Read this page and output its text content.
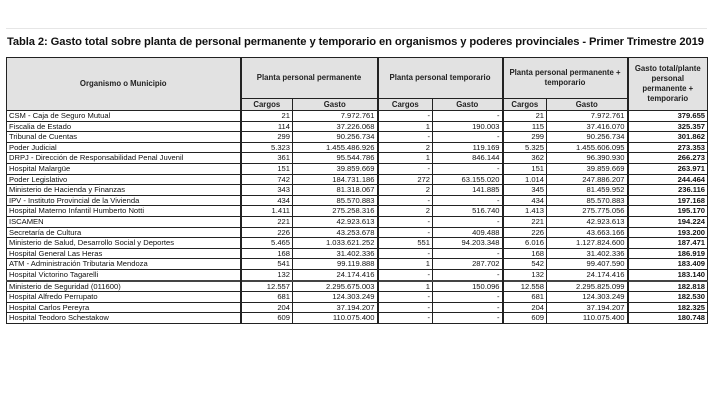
Tabla 2: Gasto total sobre planta de personal permanente y temporario en organismos y poderes provinciales - Primer Trimestre 2019
Organismo o Municipio	Planta personal permanente		Planta personal temporario		Planta personal permanente + temporario		Gasto total/plante personal permanente + temporario
	Cargos	Gasto	Cargos	Gasto	Cargos	Gasto	
CSM - Caja de Seguro Mutual	21	7.972.761	-	-	21	7.972.761	379.655
Fiscalia de Estado	114	37.226.068	1	190.003	115	37.416.070	325.357
Tribunal de Cuentas	299	90.256.734	-	-	299	90.256.734	301.862
Poder Judicial	5.323	1.455.486.926	2	119.169	5.325	1.455.606.095	273.353
DRPJ - Dirección de Responsabilidad Penal Juvenil	361	95.544.786	1	846.144	362	96.390.930	266.273
Hospital Malargüe	151	39.859.669	-	-	151	39.859.669	263.971
Poder Legislativo	742	184.731.186	272	63.155.020	1.014	247.886.207	244.464
Ministerio de Hacienda y Finanzas	343	81.318.067	2	141.885	345	81.459.952	236.116
IPV - Instituto Provincial de la Vivienda	434	85.570.883	-	-	434	85.570.883	197.168
Hospital Materno Infantil Humberto Notti	1.411	275.258.316	2	516.740	1.413	275.775.056	195.170
ISCAMEN	221	42.923.613	-	-	221	42.923.613	194.224
Secretaría de Cultura	226	43.253.678	-	409.488	226	43.663.166	193.200
Ministerio de Salud, Desarrollo Social y Deportes	5.465	1.033.621.252	551	94.203.348	6.016	1.127.824.600	187.471
Hospital General Las Heras	168	31.402.336	-	-	168	31.402.336	186.919
ATM - Administración Tributaria Mendoza	541	99.119.888	1	287.702	542	99.407.590	183.409
Hospital Victorino Tagarelli	132	24.174.416	-	-	132	24.174.416	183.140
Ministerio de Seguridad (011600)	12.557	2.295.675.003	1	150.096	12.558	2.295.825.099	182.818
Hospital Alfredo Perrupato	681	124.303.249	-	-	681	124.303.249	182.530
Hospital Carlos Pereyra	204	37.194.207	-	-	204	37.194.207	182.325
Hospital Teodoro Schestakow	609	110.075.400	-	-	609	110.075.400	180.748
